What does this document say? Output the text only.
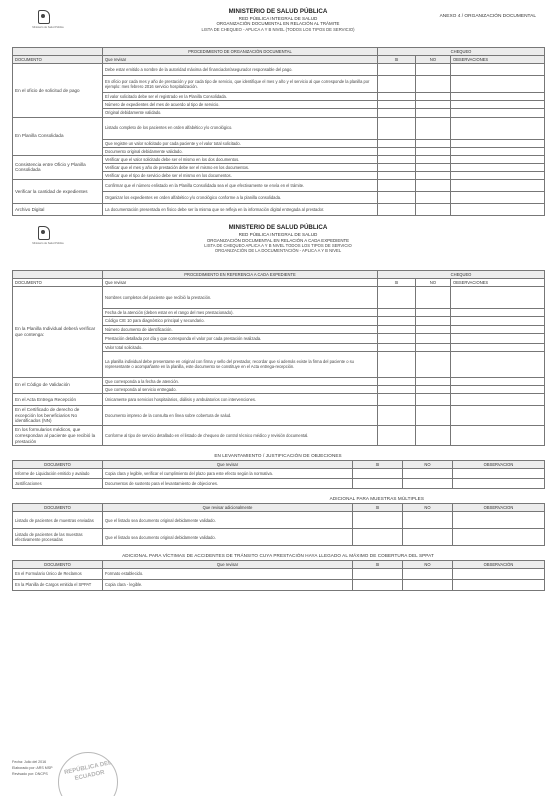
Ministerio de Salud Pública
MINISTERIO DE SALUD PÚBLICA
RED PÚBLICA INTEGRAL DE SALUD
ORGANIZACIÓN DOCUMENTAL EN RELACIÓN AL TRÁMITE
LISTA DE CHEQUEO - APLICA A Y B NIVEL (TODOS LOS TIPOS DE SERVICIO)
ANEXO 4 / ORGANIZACIÓN DOCUMENTAL
	PROCEDIMIENTO DE ORGANIZACIÓN DOCUMENTAL	CHEQUEO		
DOCUMENTO	Que revisar	SI	NO	OBSERVACIONES
En el oficio de solicitud de pago	Debe estar emitido a nombre de la autoridad máxima del financiador/asegurador responsable del pago.			
	En oficio por cada mes y año de prestación y por cada tipo de servicio, que identifique el mes y año y el servicio al que corresponde la planilla por ejemplo: mes febrero 2016 servicio hospitalización.			
	El valor solicitado debe ser el registrado en la Planilla Consolidada.			
	Número de expedientes del mes de acuerdo al tipo de servicio.			
	Original debidamente validado.			
En Planilla Consolidada	Listado completo de los pacientes en orden alfabético y/o cronológico.			
	Que registre un valor solicitado por cada paciente y el valor total solicitado.			
	Documento original debidamente validado.			
Consistencia entre Oficio y Planilla Consolidada	Verificar que el valor solicitado debe ser el mismo en los dos documentos.			
	Verificar que el mes y año de prestación debe ser el mismo en los documentos.			
	Verificar que el tipo de servicio debe ser el mismo en los documentos.			
Verificar la cantidad de expedientes	Confirmar que el número enlistado en la Planilla Consolidada sea el que efectivamente se envía en el trámite.			
	Organizar los expedientes en orden alfabético y/o cronológico conforme a la planilla consolidada.			
Archivo Digital	La documentación presentada en físico debe ser la misma que se refleja en la información digital entregada al prestador.			
Ministerio de Salud Pública
MINISTERIO DE SALUD PÚBLICA
RED PÚBLICA INTEGRAL DE SALUD
ORGANIZACIÓN DOCUMENTAL EN RELACIÓN A CADA EXPEDIENTE
LISTA DE CHEQUEO APLICA A Y B NIVEL TODOS LOS TIPOS DE SERVICIO
ORGANIZACIÓN DE LA DOCUMENTACIÓN - APLICA A Y B NIVEL
	PROCEDIMIENTO EN REFERENCIA A CADA EXPEDIENTE	CHEQUEO		
DOCUMENTO	Que revisar	SI	NO	OBSERVACIONES
En la Planilla Individual deberá verificar que contenga:	Nombres completos del paciente que recibió la prestación.			
	Fecha de la atención (deben estar en el rango del mes prestacionado).			
	Código CIE 10 para diagnóstico principal y secundario.			
	Número documento de identificación.			
	Prestación detallada por día y que corresponda el valor por cada prestación realizada.			
	Valor total solicitado.			
	La planilla individual debe presentarse en original con firma y sello del prestador, recordar que si además existe la firma del paciente o su representante o acompañante en la planilla, este documento se constituye en el Acta entrega-recepción.			
En el Código de Validación	Que corresponda a la fecha de atención.			
	Que corresponda al servicio entregado.			
En el Acta Entrega Recepción	Únicamente para servicios hospitalarios, diálisis y ambulatorios con intervenciones.			
En el Certificado de derecho de excepción los beneficiarios No identificados (NN)	Documento impreso de la consulta en línea sobre cobertura de salud.			
En los formularios médicos, que correspondan al paciente que recibió la prestación	Conforme al tipo de servicio detallado en el listado de chequeo de control técnico médico y revisión documental.			
EN LEVANTAMIENTO / JUSTIFICACIÓN DE OBJECIONES
DOCUMENTO	Que revisar	SI	NO	OBSERVACION
Informe de Liquidación emitido y avalado	Copia clara y legible, verificar el cumplimiento del plazo para este efecto según la normativa.			
Justificaciones	Documentos de sustento para el levantamiento de objeciones.			
ADICIONAL PARA MUESTRAS MÚLTIPLES
DOCUMENTO	Que revisar adicionalmente	SI	NO	OBSERVACION
Listado de pacientes de muestras enviadas	Que el listado sea documento original debidamente validado.			
Listado de pacientes de las muestras efectivamente procesadas	Que el listado sea documento original debidamente validado.			
ADICIONAL PARA VÍCTIMAS DE ACCIDENTES DE TRÁNSITO CUYA PRESTACIÓN HAYA LLEGADO AL MÁXIMO DE COBERTURA DEL SPPAT
DOCUMENTO	Que revisar	SI	NO	OBSERVACIÓN
En el Formulario Único de Reclamos	Formato establecido.			
En la Planilla de Cargos emitida el SPPAT	Copia clara - legible.			
Fecha: Julio del 2016
Elaborado por: ARS MSP
Revisado por: DNCPS	REPÚBLICA DEL ECUADOR
